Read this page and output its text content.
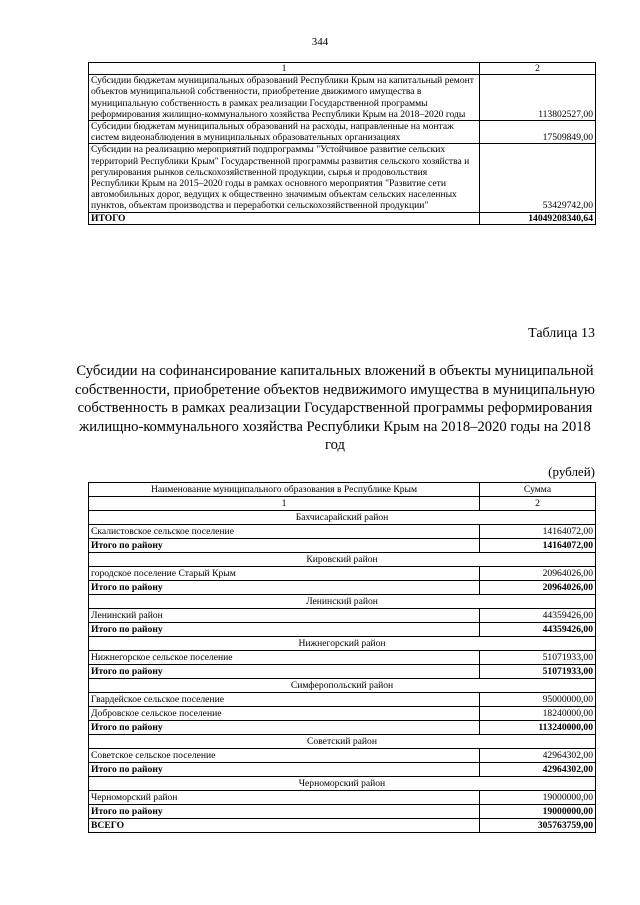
344
1	2
Субсидии бюджетам муниципальных образований Республики Крым на капитальный ремонт объектов муниципальной собственности, приобретение движимого имущества в муниципальную собственность в рамках реализации Государственной программы реформирования жилищно-коммунального хозяйства Республики Крым на 2018–2020 годы	113802527,00
Субсидии бюджетам муниципальных образований на расходы, направленные на монтаж систем видеонаблюдения в муниципальных образовательных организациях	17509849,00
Субсидии на реализацию мероприятий подпрограммы "Устойчивое развитие сельских территорий Республики Крым" Государственной программы развития сельского хозяйства и регулирования рынков сельскохозяйственной продукции, сырья и продовольствия Республики Крым на 2015–2020 годы в рамках основного мероприятия "Развитие сети автомобильных дорог, ведущих к общественно значимым объектам сельских населенных пунктов, объектам производства и переработки сельскохозяйственной продукции"	53429742,00
ИТОГО	14049208340,64
Таблица 13
Субсидии на софинансирование капитальных вложений в объекты муниципальной собственности, приобретение объектов недвижимого имущества в муниципальную собственность в рамках реализации Государственной программы реформирования жилищно-коммунального хозяйства Республики Крым на 2018–2020 годы на 2018 год
(рублей)
Наименование муниципального образования в Республике Крым	Сумма
1	2
Бахчисарайский район	
Скалистовское сельское поселение	14164072,00
Итого по району	14164072,00
Кировский район	
городское поселение Старый Крым	20964026,00
Итого по району	20964026,00
Ленинский район	
Ленинский район	44359426,00
Итого по району	44359426,00
Нижнегорский район	
Нижнегорское сельское поселение	51071933,00
Итого по району	51071933,00
Симферопольский район	
Гвардейское сельское поселение	95000000,00
Добровское сельское поселение	18240000,00
Итого по району	113240000,00
Советский район	
Советское сельское поселение	42964302,00
Итого по району	42964302,00
Черноморский район	
Черноморский район	19000000,00
Итого по району	19000000,00
ВСЕГО	305763759,00
